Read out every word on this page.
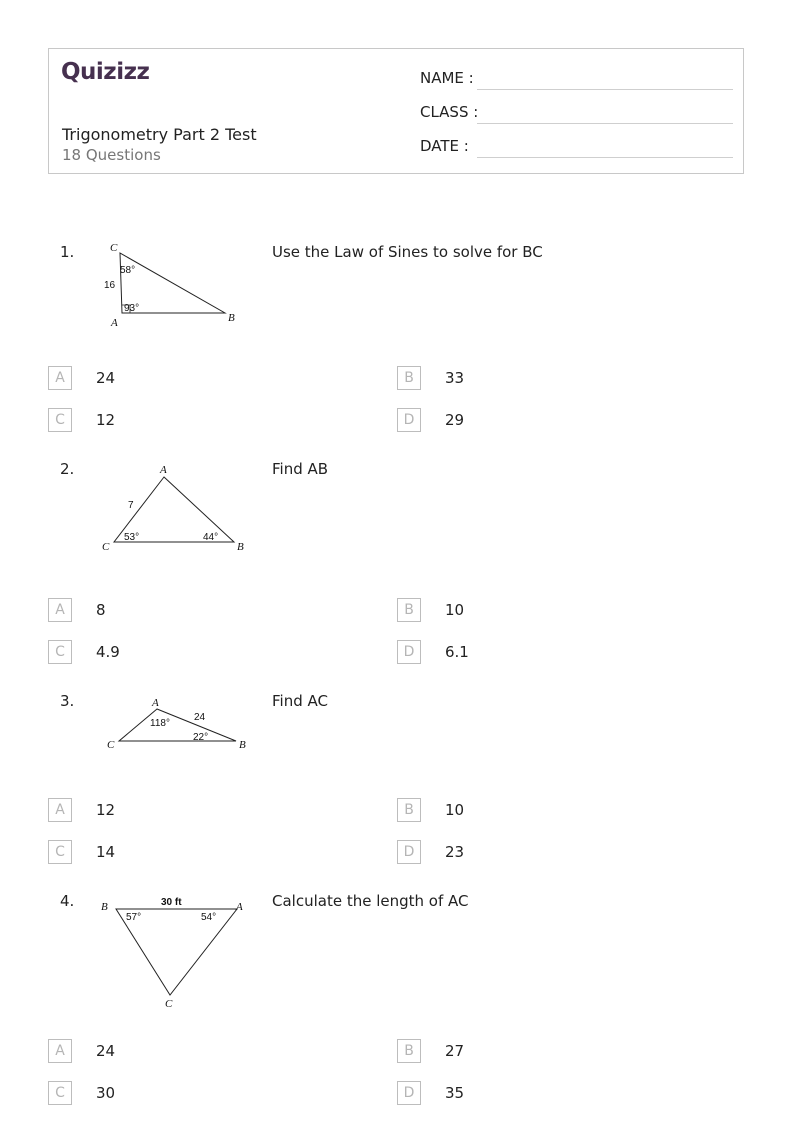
Quizizz
Trigonometry Part 2 Test
18 Questions
NAME :
CLASS :
DATE :
1.	Use the Law of Sines to solve for BC
C
A	B
58°
16
93°
A	24	B	33
C	12	D	29
2.	Find AB
A
C	B
7
53°	44°
A	8	B	10
C	4.9	D	6.1
3.	Find AC
A
C	B
118°
24
22°
A	12	B	10
C	14	D	23
4.	Calculate the length of AC
B	A
C
30 ft
57°	54°
A	24	B	27
C	30	D	35
